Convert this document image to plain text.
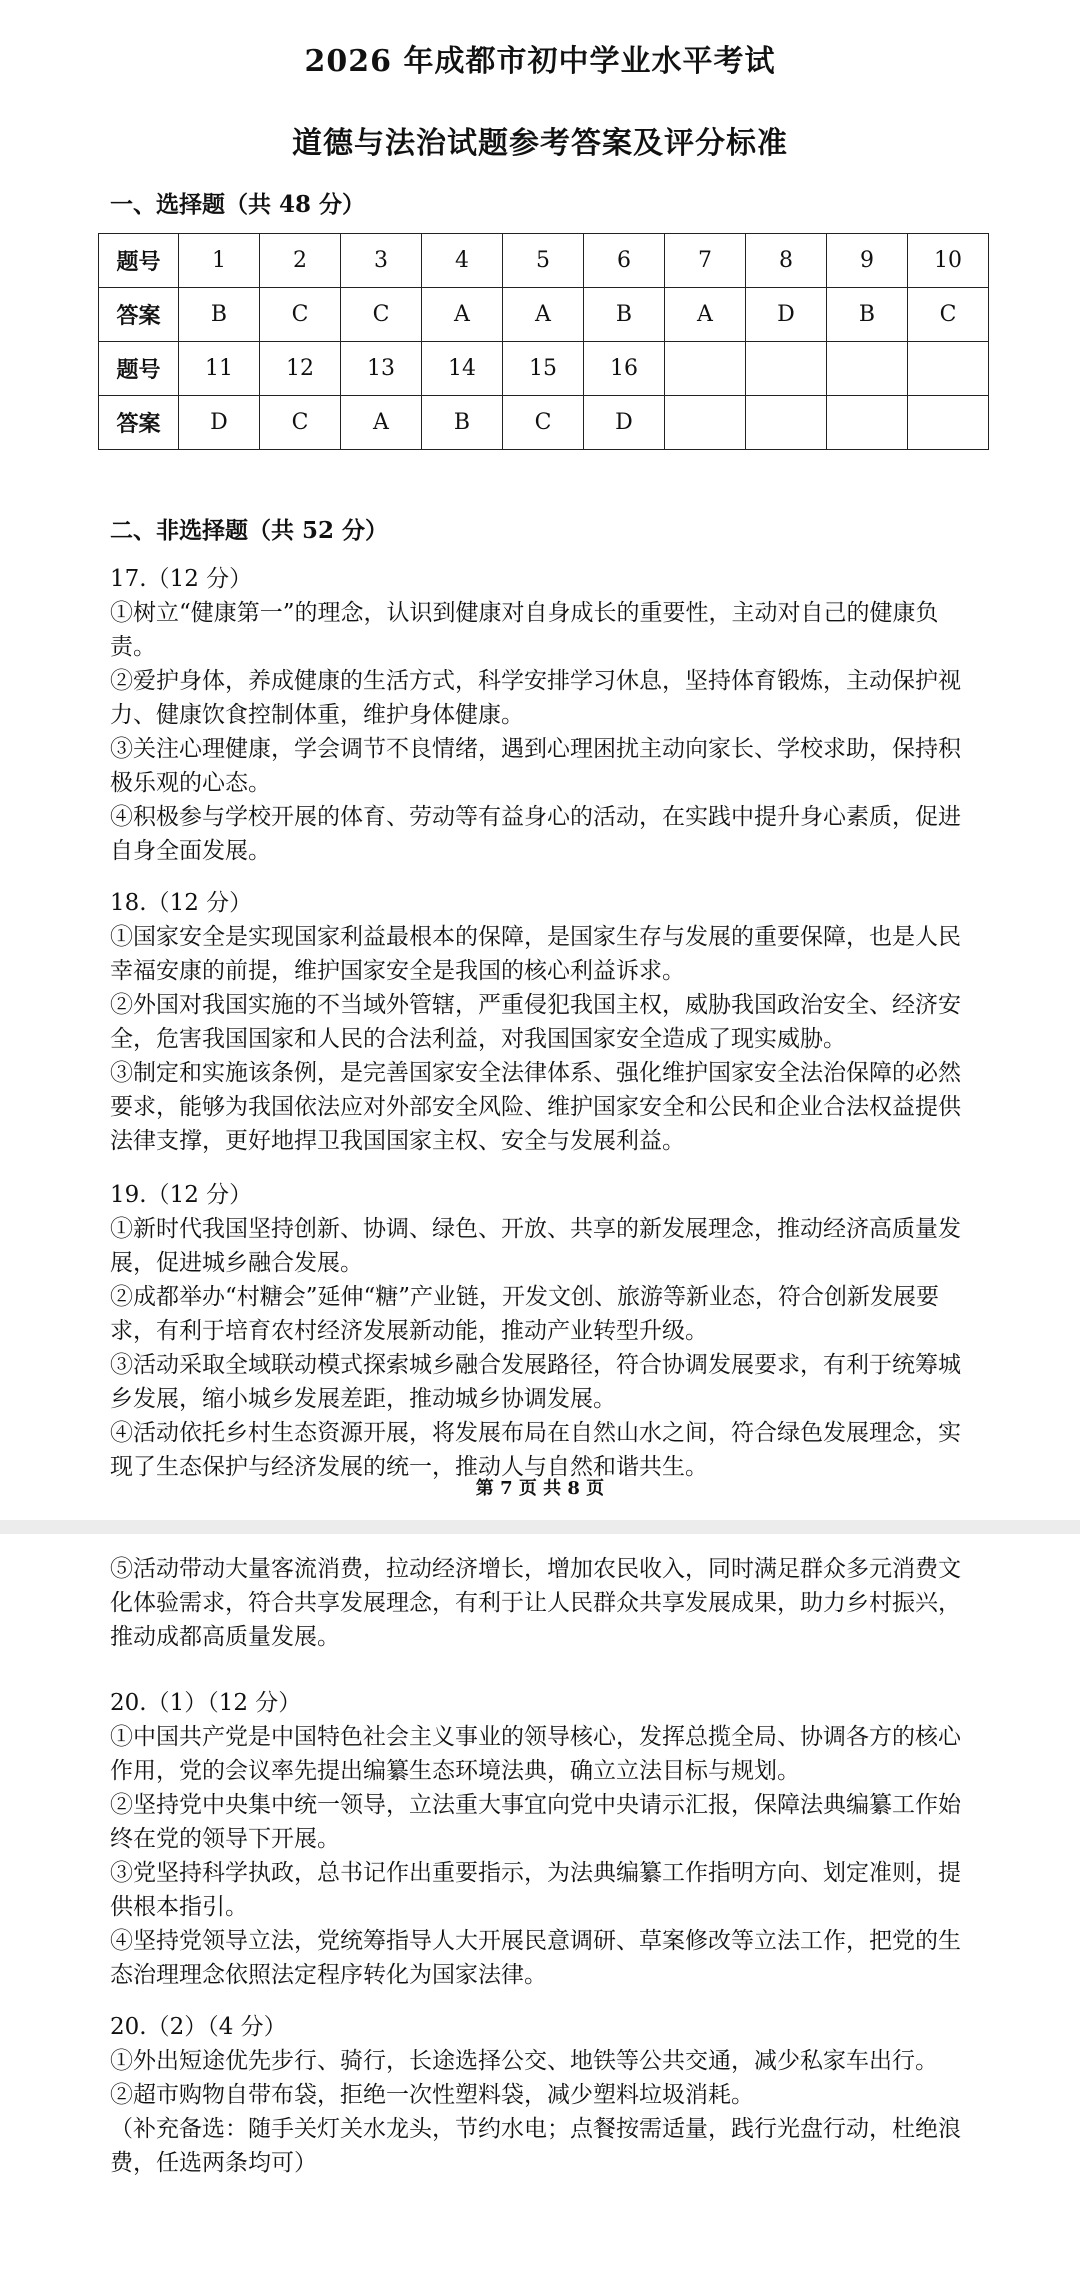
2026 年成都市初中学业水平考试
道德与法治试题参考答案及评分标准
一、选择题（共 48 分）
题号	1	2	3	4	5	6	7	8	9	10
答案	B	C	C	A	A	B	A	D	B	C
题号	11	12	13	14	15	16				
答案	D	C	A	B	C	D				
二、非选择题（共 52 分）

17.（12 分）

①树立“健康第一”的理念，认识到健康对自身成长的重要性，主动对自己的健康负责。

②爱护身体，养成健康的生活方式，科学安排学习休息，坚持体育锻炼，主动保护视力、健康饮食控制体重，维护身体健康。

③关注心理健康，学会调节不良情绪，遇到心理困扰主动向家长、学校求助，保持积极乐观的心态。

④积极参与学校开展的体育、劳动等有益身心的活动，在实践中提升身心素质，促进自身全面发展。

18.（12 分）

①国家安全是实现国家利益最根本的保障，是国家生存与发展的重要保障，也是人民幸福安康的前提，维护国家安全是我国的核心利益诉求。

②外国对我国实施的不当域外管辖，严重侵犯我国主权，威胁我国政治安全、经济安全，危害我国国家和人民的合法利益，对我国国家安全造成了现实威胁。

③制定和实施该条例，是完善国家安全法律体系、强化维护国家安全法治保障的必然要求，能够为我国依法应对外部安全风险、维护国家安全和公民和企业合法权益提供法律支撑，更好地捍卫我国国家主权、安全与发展利益。

19.（12 分）

①新时代我国坚持创新、协调、绿色、开放、共享的新发展理念，推动经济高质量发展，促进城乡融合发展。

②成都举办“村糖会”延伸“糖”产业链，开发文创、旅游等新业态，符合创新发展要求，有利于培育农村经济发展新动能，推动产业转型升级。

③活动采取全域联动模式探索城乡融合发展路径，符合协调发展要求，有利于统筹城乡发展，缩小城乡发展差距，推动城乡协调发展。

④活动依托乡村生态资源开展，将发展布局在自然山水之间，符合绿色发展理念，实现了生态保护与经济发展的统一，推动人与自然和谐共生。

第 7 页 共 8 页

⑤活动带动大量客流消费，拉动经济增长，增加农民收入，同时满足群众多元消费文化体验需求，符合共享发展理念，有利于让人民群众共享发展成果，助力乡村振兴，推动成都高质量发展。

20.（1）（12 分）

①中国共产党是中国特色社会主义事业的领导核心，发挥总揽全局、协调各方的核心作用，党的会议率先提出编纂生态环境法典，确立立法目标与规划。

②坚持党中央集中统一领导，立法重大事宜向党中央请示汇报，保障法典编纂工作始终在党的领导下开展。

③党坚持科学执政，总书记作出重要指示，为法典编纂工作指明方向、划定准则，提供根本指引。

④坚持党领导立法，党统筹指导人大开展民意调研、草案修改等立法工作，把党的生态治理理念依照法定程序转化为国家法律。

20.（2）（4 分）

①外出短途优先步行、骑行，长途选择公交、地铁等公共交通，减少私家车出行。

②超市购物自带布袋，拒绝一次性塑料袋，减少塑料垃圾消耗。

（补充备选：随手关灯关水龙头，节约水电；点餐按需适量，践行光盘行动，杜绝浪费，任选两条均可）
